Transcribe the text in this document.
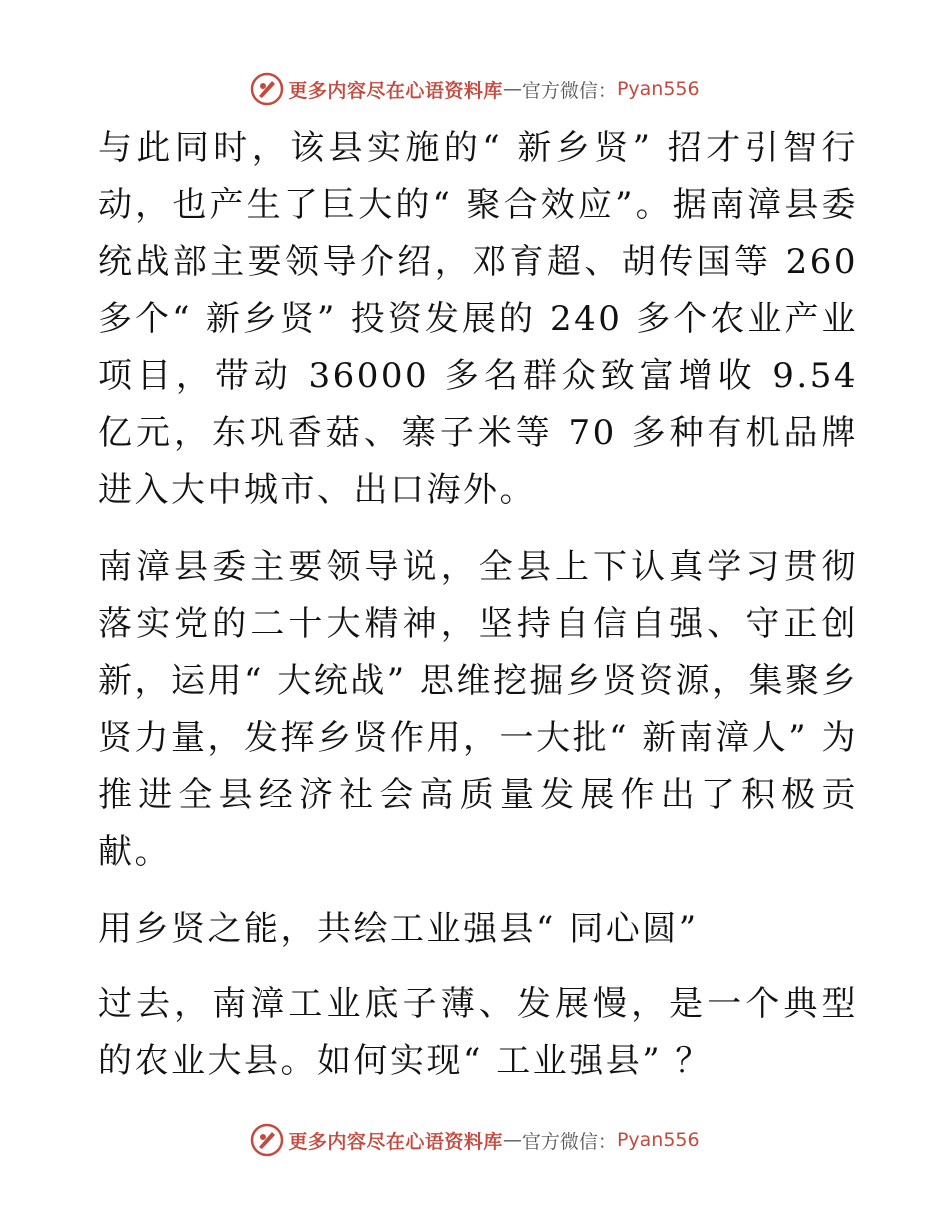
更多内容尽在心语资料库 — 官方微信： Pyan556

与此同时，该县实施的“ 新乡贤” 招才引智行动，也产生了巨大的“ 聚合效应”。据南漳县委统战部主要领导介绍，邓育超、胡传国等 260 多个“ 新乡贤” 投资发展的 240 多个农业产业项目，带动 36000 多名群众致富增收 9.54 亿元，东巩香菇、寨子米等 70 多种有机品牌进入大中城市、出口海外。

南漳县委主要领导说，全县上下认真学习贯彻落实党的二十大精神，坚持自信自强、守正创新，运用“ 大统战” 思维挖掘乡贤资源，集聚乡贤力量，发挥乡贤作用，一大批“ 新南漳人” 为推进全县经济社会高质量发展作出了积极贡献。

用乡贤之能，共绘工业强县“ 同心圆”

过去，南漳工业底子薄、发展慢，是一个典型的农业大县。如何实现“ 工业强县” ？

更多内容尽在心语资料库 — 官方微信： Pyan556
